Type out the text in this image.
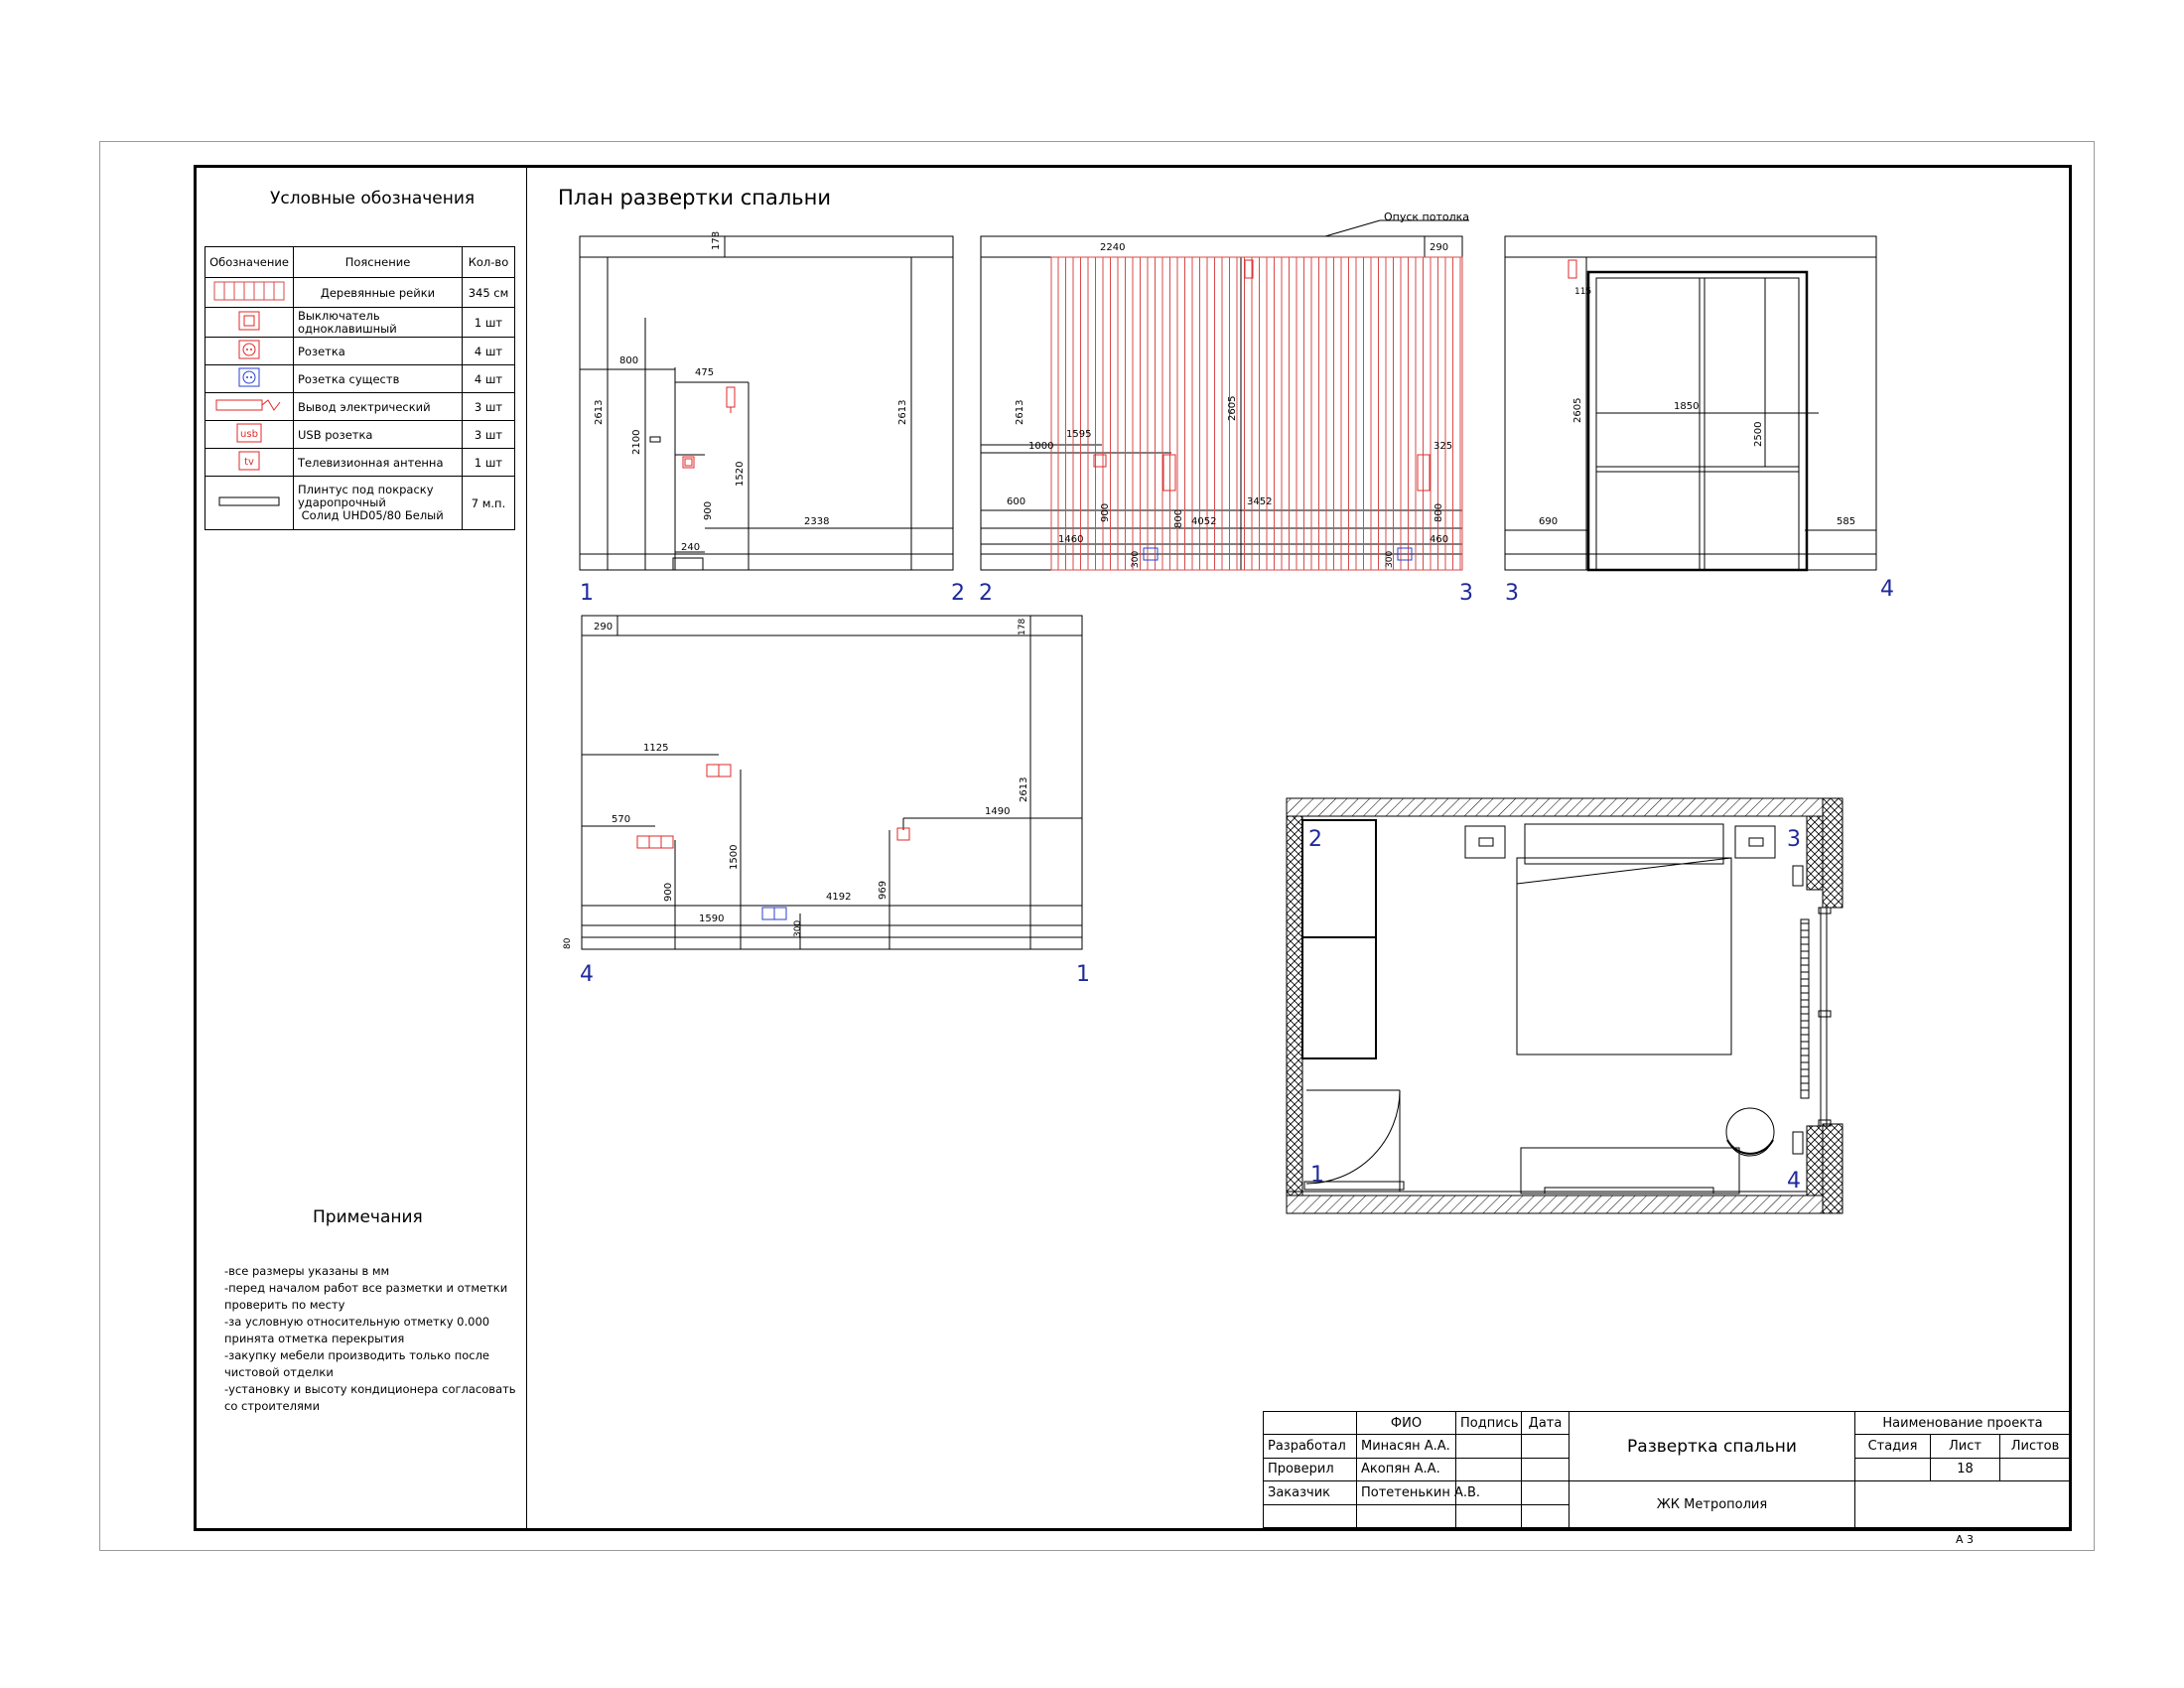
Условные обозначения
Обозначение	Пояснение	Кол-во
	Деревянные рейки	345 см
	Выключатель
одноклавишный	1 шт
	Розетка	4 шт
	Розетка существ	4 шт
	Вывод электрический	3 шт

usb	USB розетка	3 шт

tv	Телевизионная антенна	1 шт
	Плинтус под покраску
ударопрочный
Солид UHD05/80 Белый	7 м.п.
Примечания
-все размеры указаны в мм
-перед началом работ все разметки и отметки
проверить по месту
-за условную относительную отметку 0.000
принята отметка перекрытия
-закупку мебели производить только после
чистовой отделки
-установку и высоту кондиционера согласовать
со строителями
План развертки спальни
178
800
475
2613
2100
1520
900
2338
240
2613
1	2
2240	290
Опуск потолка
2613
1595
1000
2605
325
600	3452
4052
1460
900	800	800
460
300	300
2	3
115
2605	1850
2500
690	585
3	4
290	178
1125
570
1490
2613
1500
4192	969
900
1590
300
80
4	1
2	3
1	4
	ФИО	Подпись	Дата	Развертка спальни	Наименование проекта		
Разработал	Минасян А.А.				Стадия	Лист	Листов
Проверил	Акопян А.А.					18	
Заказчик	Потетенькин А.В.			ЖК Метрополия			

А 3
